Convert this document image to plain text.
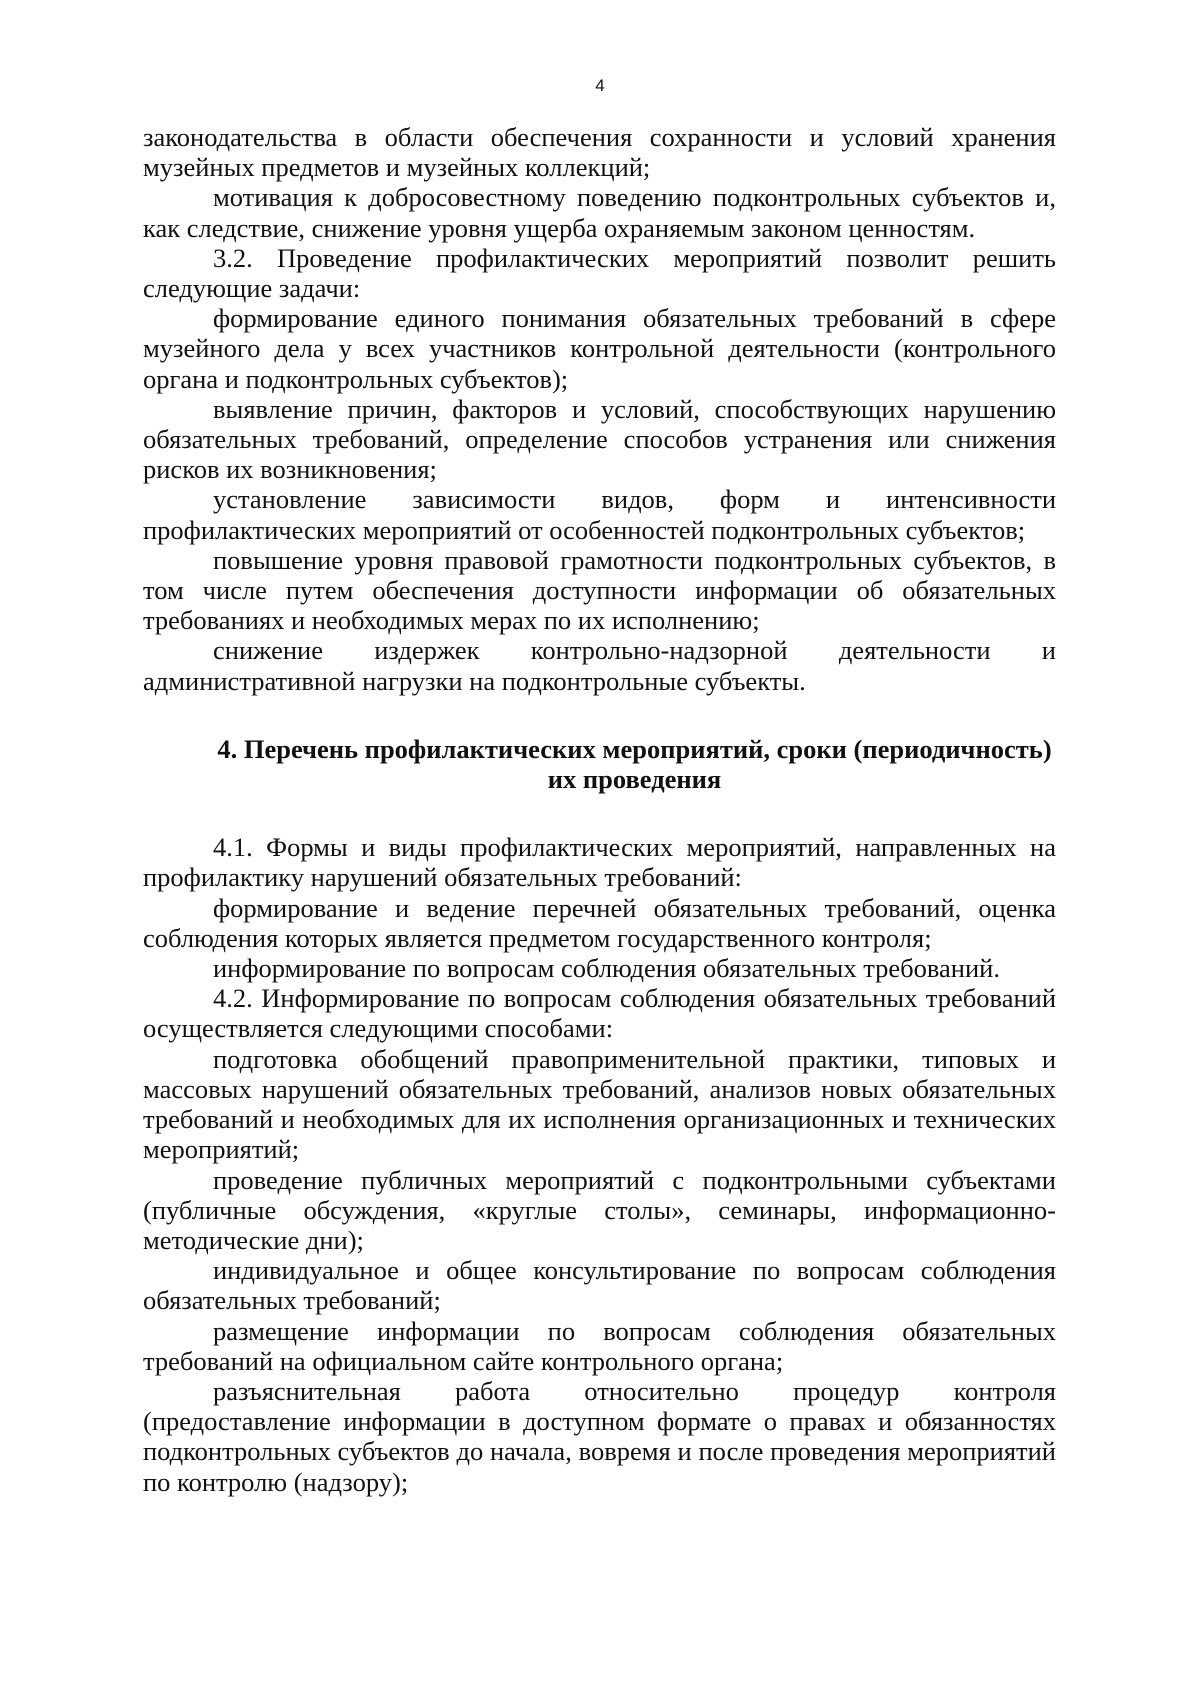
4

законодательства в области обеспечения сохранности и условий хранения музейных предметов и музейных коллекций;

мотивация к добросовестному поведению подконтрольных субъектов и, как следствие, снижение уровня ущерба охраняемым законом ценностям.

3.2. Проведение профилактических мероприятий позволит решить следующие задачи:

формирование единого понимания обязательных требований в сфере музейного дела у всех участников контрольной деятельности (контрольного органа и подконтрольных субъектов);

выявление причин, факторов и условий, способствующих нарушению обязательных требований, определение способов устранения или снижения рисков их возникновения;

установление зависимости видов, форм и интенсивности профилактических мероприятий от особенностей подконтрольных субъектов;

повышение уровня правовой грамотности подконтрольных субъектов, в том числе путем обеспечения доступности информации об обязательных требованиях и необходимых мерах по их исполнению;

снижение издержек контрольно-надзорной деятельности и административной нагрузки на подконтрольные субъекты.

4. Перечень профилактических мероприятий, сроки (периодичность)
их проведения

4.1. Формы и виды профилактических мероприятий, направленных на профилактику нарушений обязательных требований:

формирование и ведение перечней обязательных требований, оценка соблюдения которых является предметом государственного контроля;

информирование по вопросам соблюдения обязательных требований.

4.2. Информирование по вопросам соблюдения обязательных требований осуществляется следующими способами:

подготовка обобщений правоприменительной практики, типовых и массовых нарушений обязательных требований, анализов новых обязательных требований и необходимых для их исполнения организационных и технических мероприятий;

проведение публичных мероприятий с подконтрольными субъектами (публичные обсуждения, «круглые столы», семинары, информационно-методические дни);

индивидуальное и общее консультирование по вопросам соблюдения обязательных требований;

размещение информации по вопросам соблюдения обязательных требований на официальном сайте контрольного органа;

разъяснительная работа относительно процедур контроля (предоставление информации в доступном формате о правах и обязанностях подконтрольных субъектов до начала, вовремя и после проведения мероприятий по контролю (надзору);
